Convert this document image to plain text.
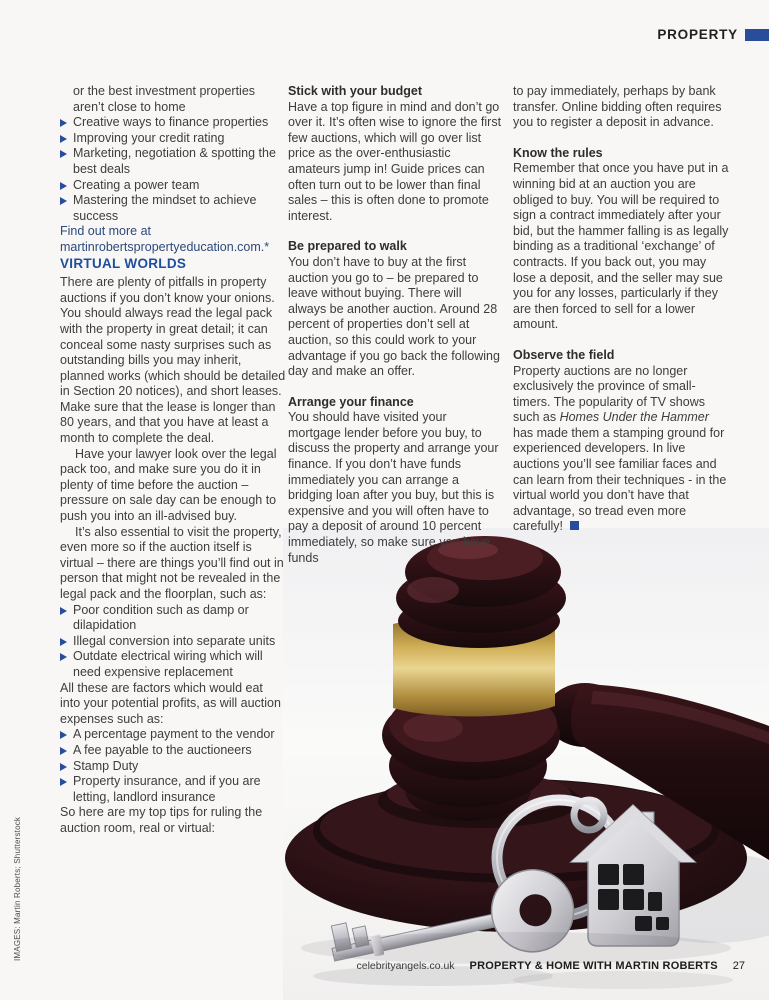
PROPERTY

or the best investment properties aren’t close to home

Creative ways to finance properties
Improving your credit rating
Marketing, negotiation & spotting the best deals
Creating a power team
Mastering the mindset to achieve success

Find out more at
martinrobertspropertyeducation.com.*

VIRTUAL WORLDS

There are plenty of pitfalls in property auctions if you don’t know your onions. You should always read the legal pack with the property in great detail; it can conceal some nasty surprises such as outstanding bills you may inherit, planned works (which should be detailed in Section 20 notices), and short leases. Make sure that the lease is longer than 80 years, and that you have at least a month to complete the deal.

Have your lawyer look over the legal pack too, and make sure you do it in plenty of time before the auction – pressure on sale day can be enough to push you into an ill-advised buy.

It’s also essential to visit the property, even more so if the auction itself is virtual – there are things you’ll find out in person that might not be revealed in the legal pack and the floorplan, such as:

Poor condition such as damp or dilapidation
Illegal conversion into separate units
Outdate electrical wiring which will need expensive replacement

All these are factors which would eat into your potential profits, as will auction expenses such as:

A percentage payment to the vendor
A fee payable to the auctioneers
Stamp Duty
Property insurance, and if you are letting, landlord insurance

So here are my top tips for ruling the auction room, real or virtual:

Stick with your budget

Have a top figure in mind and don’t go over it. It’s often wise to ignore the first few auctions, which will go over list price as the over-enthusiastic amateurs jump in! Guide prices can often turn out to be lower than final sales – this is often done to promote interest.

Be prepared to walk

You don’t have to buy at the first auction you go to – be prepared to leave without buying. There will always be another auction. Around 28 percent of properties don’t sell at auction, so this could work to your advantage if you go back the following day and make an offer.

Arrange your finance

You should have visited your mortgage lender before you buy, to discuss the property and arrange your finance. If you don’t have funds immediately you can arrange a bridging loan after you buy, but this is expensive and you will often have to pay a deposit of around 10 percent immediately, so make sure you have funds

to pay immediately, perhaps by bank transfer. Online bidding often requires you to register a deposit in advance.

Know the rules

Remember that once you have put in a winning bid at an auction you are obliged to buy. You will be required to sign a contract immediately after your bid, but the hammer falling is as legally binding as a traditional ‘exchange’ of contracts. If you back out, you may lose a deposit, and the seller may sue you for any losses, particularly if they are then forced to sell for a lower amount.

Observe the field

Property auctions are no longer exclusively the province of small-timers. The popularity of TV shows such as Homes Under the Hammer has made them a stamping ground for experienced developers. In live auctions you’ll see familiar faces and can learn from their techniques - in the virtual world you don’t have that advantage, so tread even more carefully!

IMAGES: Martin Roberts; Shutterstock
celebrityangels.co.uk PROPERTY & HOME WITH MARTIN ROBERTS 27
